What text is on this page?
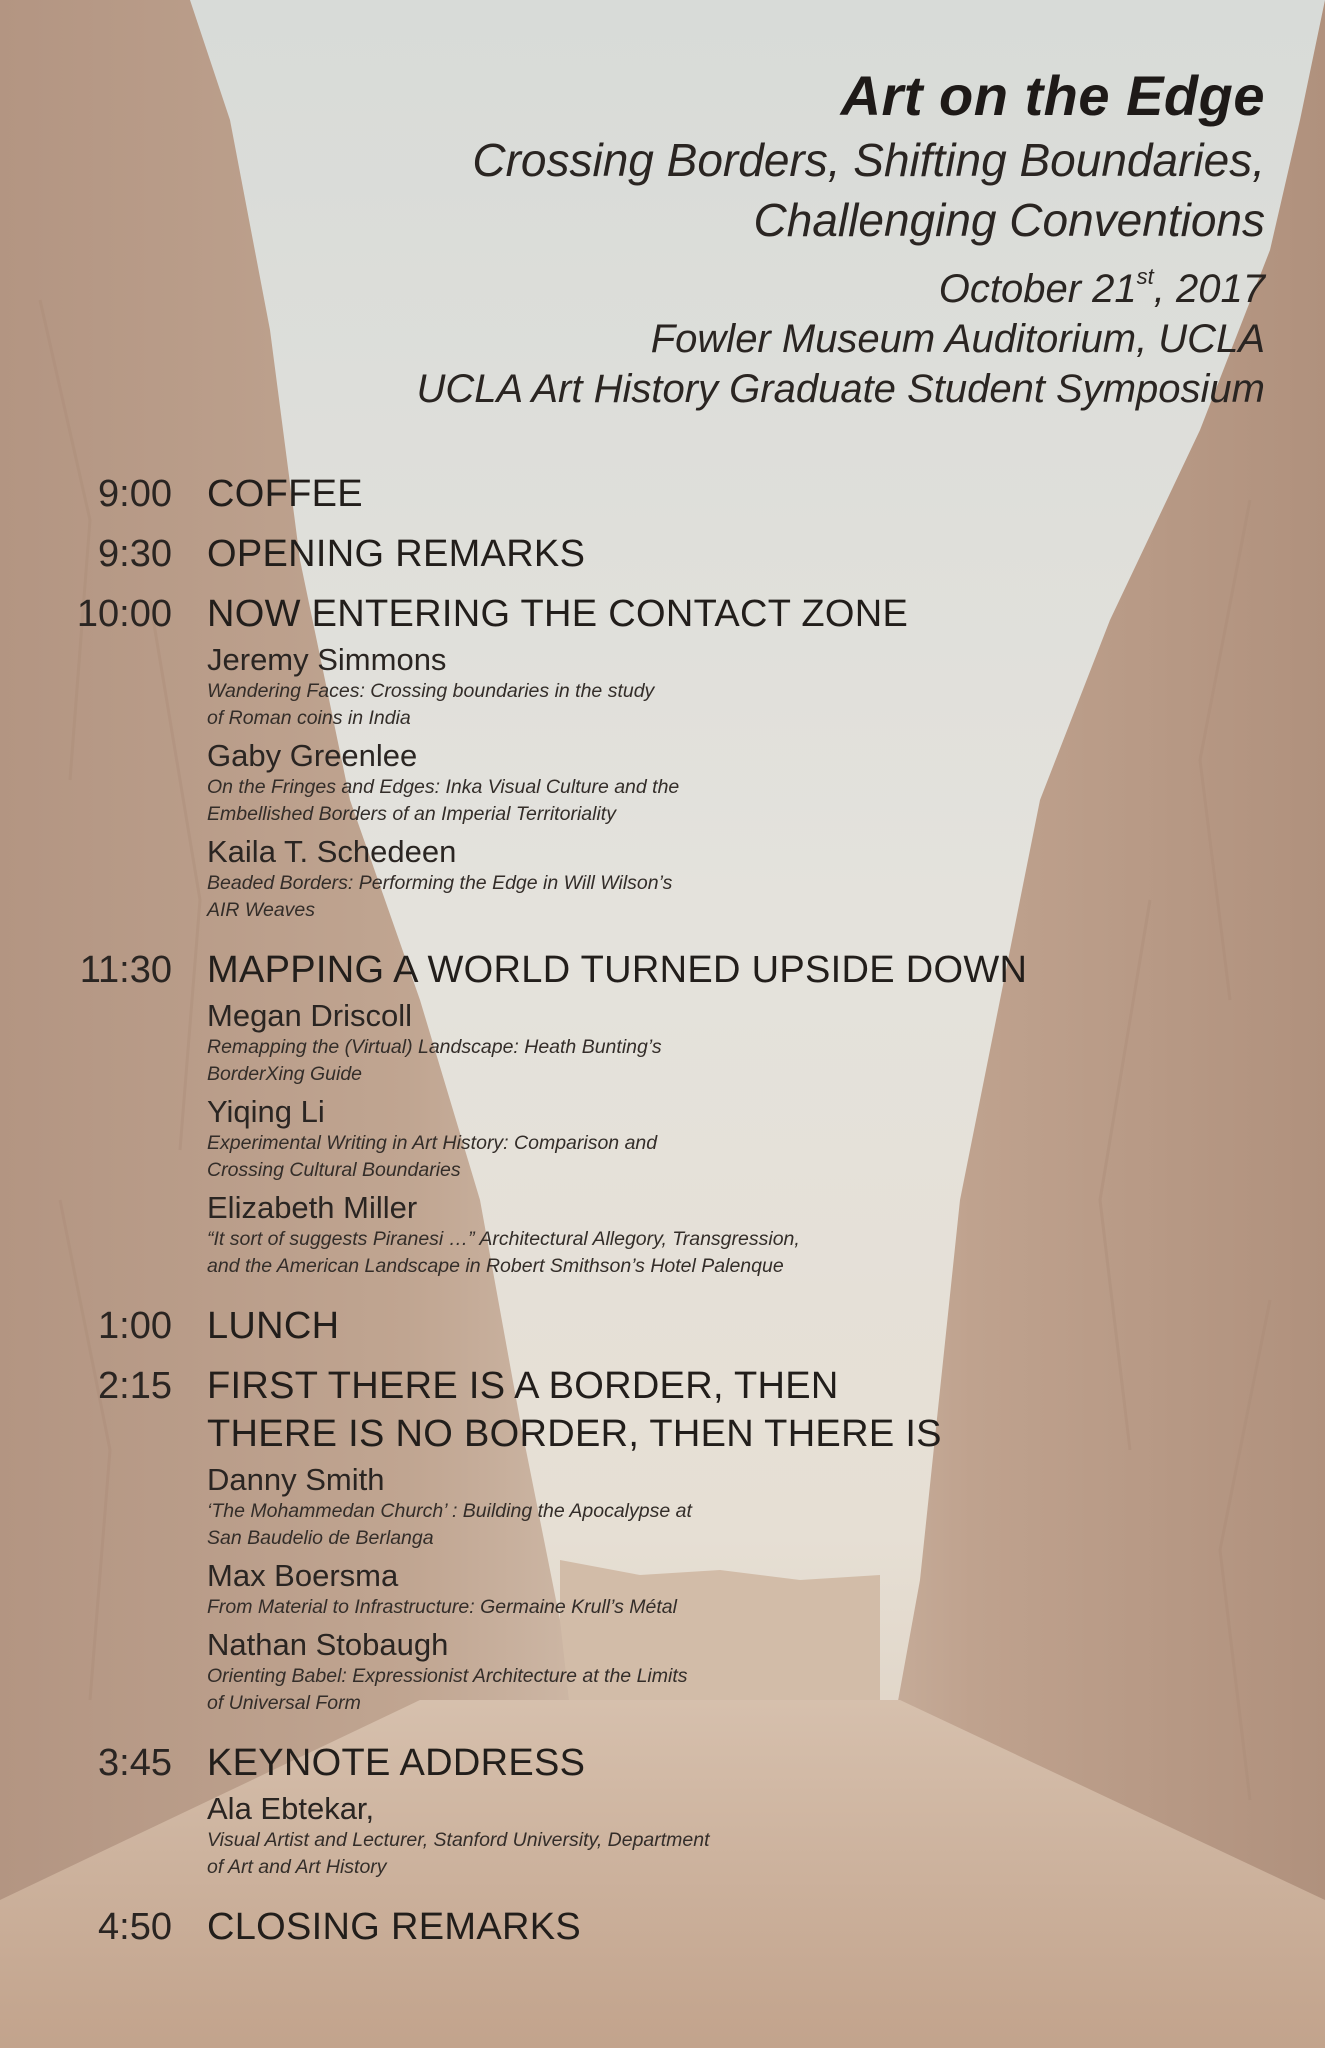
Art on the Edge
Crossing Borders, Shifting Boundaries,
Challenging Conventions
October 21st, 2017
Fowler Museum Auditorium, UCLA
UCLA Art History Graduate Student Symposium
9:00 COFFEE
9:30 OPENING REMARKS
10:00 NOW ENTERING THE CONTACT ZONE
Jeremy Simmons
Wandering Faces: Crossing boundaries in the study
of Roman coins in India
Gaby Greenlee
On the Fringes and Edges: Inka Visual Culture and the
Embellished Borders of an Imperial Territoriality
Kaila T. Schedeen
Beaded Borders: Performing the Edge in Will Wilson’s
AIR Weaves
11:30 MAPPING A WORLD TURNED UPSIDE DOWN
Megan Driscoll
Remapping the (Virtual) Landscape: Heath Bunting’s
BorderXing Guide
Yiqing Li
Experimental Writing in Art History: Comparison and
Crossing Cultural Boundaries
Elizabeth Miller
“It sort of suggests Piranesi …” Architectural Allegory, Transgression,
and the American Landscape in Robert Smithson’s Hotel Palenque
1:00 LUNCH
2:15 FIRST THERE IS A BORDER, THEN
THERE IS NO BORDER, THEN THERE IS
Danny Smith
‘The Mohammedan Church’ : Building the Apocalypse at
San Baudelio de Berlanga
Max Boersma
From Material to Infrastructure: Germaine Krull’s Métal
Nathan Stobaugh
Orienting Babel: Expressionist Architecture at the Limits
of Universal Form
3:45 KEYNOTE ADDRESS
Ala Ebtekar,
Visual Artist and Lecturer, Stanford University, Department
of Art and Art History
4:50 CLOSING REMARKS
